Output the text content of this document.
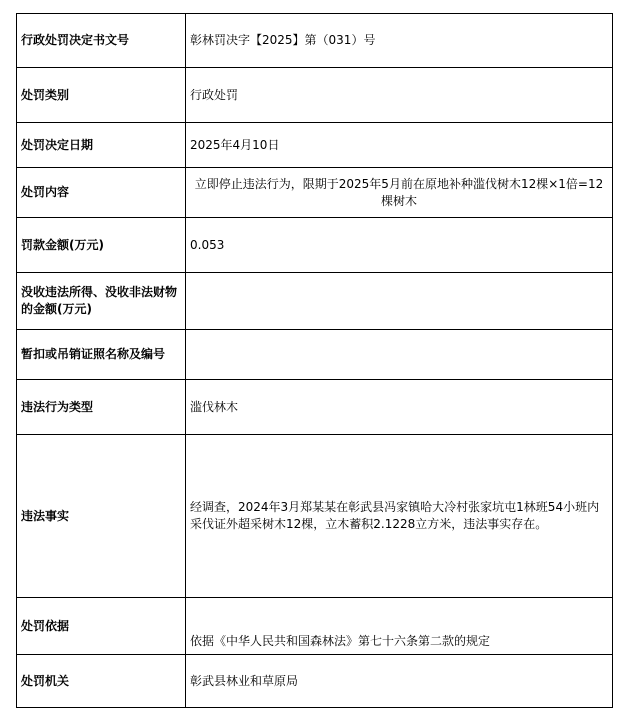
行政处罚决定书文号	彰林罚决字【2025】第（031）号
处罚类别	行政处罚
处罚决定日期	2025年4月10日
处罚内容	立即停止违法行为，限期于2025年5月前在原地补种滥伐树木12棵×1倍=12棵树木
罚款金额(万元)	0.053
没收违法所得、没收非法财物的金额(万元)	
暂扣或吊销证照名称及编号	
违法行为类型	滥伐林木
违法事实	经调查，2024年3月郑某某在彰武县冯家镇哈大冷村张家坑屯1林班54小班内采伐证外超采树木12棵，立木蓄积2.1228立方米，违法事实存在。
处罚依据	依据《中华人民共和国森林法》第七十六条第二款的规定
处罚机关	彰武县林业和草原局
